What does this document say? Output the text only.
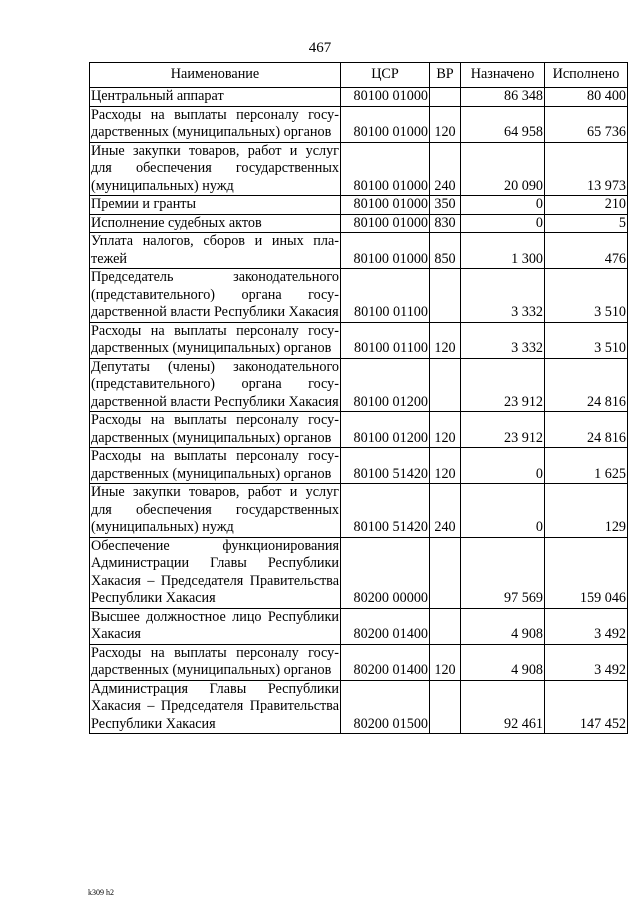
467
Наименование	ЦСР	ВР	Назначено	Исполнено
Центральный аппарат	80100 01000		86 348	80 400
Расходы на выплаты персоналу государственных (муниципальных) органов	80100 01000	120	64 958	65 736
Иные закупки товаров, работ и услуг для обеспечения государственных (муниципальных) нужд	80100 01000	240	20 090	13 973
Премии и гранты	80100 01000	350	0	210
Исполнение судебных актов	80100 01000	830	0	5
Уплата налогов, сборов и иных платежей	80100 01000	850	1 300	476
Председатель законодательного (представительного) органа государственной власти Республики Хакасия	80100 01100		3 332	3 510
Расходы на выплаты персоналу государственных (муниципальных) органов	80100 01100	120	3 332	3 510
Депутаты (члены) законодательного (представительного) органа государственной власти Республики Хакасия	80100 01200		23 912	24 816
Расходы на выплаты персоналу государственных (муниципальных) органов	80100 01200	120	23 912	24 816
Расходы на выплаты персоналу государственных (муниципальных) органов	80100 51420	120	0	1 625
Иные закупки товаров, работ и услуг для обеспечения государственных (муниципальных) нужд	80100 51420	240	0	129
Обеспечение функционирования Администрации Главы Республики Хакасия – Председателя Правительства Республики Хакасия	80200 00000		97 569	159 046
Высшее должностное лицо Республики Хакасия	80200 01400		4 908	3 492
Расходы на выплаты персоналу государственных (муниципальных) органов	80200 01400	120	4 908	3 492
Администрация Главы Республики Хакасия – Председателя Правительства Республики Хакасия	80200 01500		92 461	147 452
k309 h2
